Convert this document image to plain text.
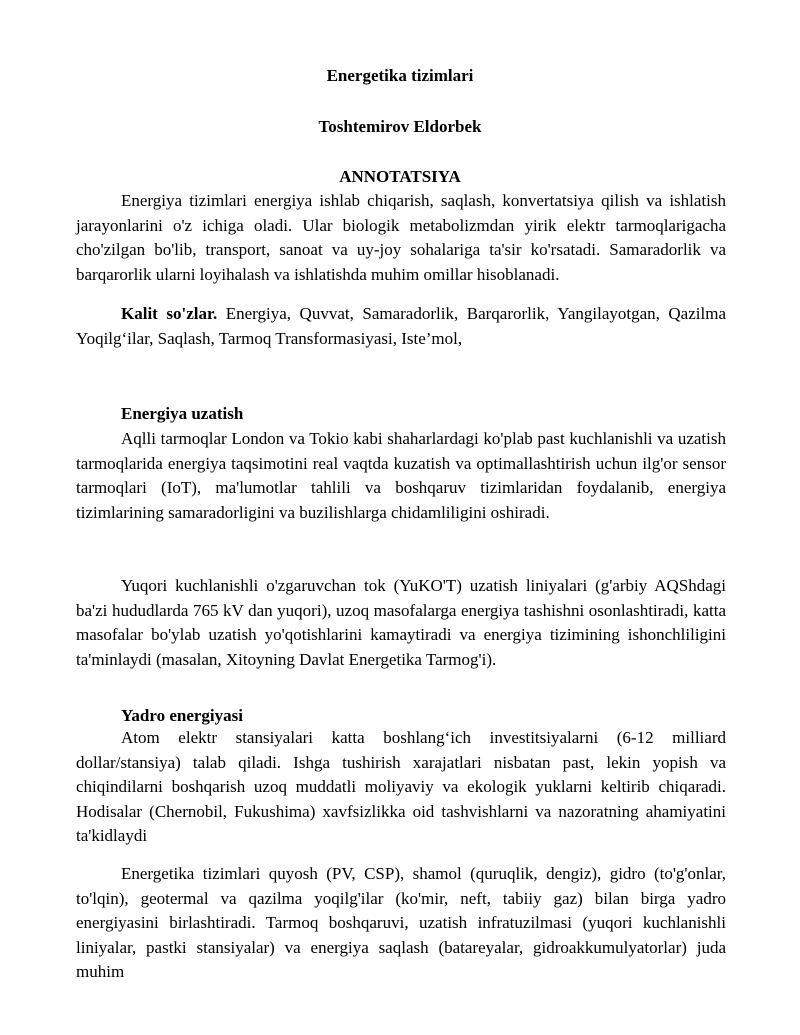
Energetika tizimlari

Toshtemirov Eldorbek

ANNOTATSIYA

Energiya tizimlari energiya ishlab chiqarish, saqlash, konvertatsiya qilish va ishlatish jarayonlarini o'z ichiga oladi. Ular biologik metabolizmdan yirik elektr tarmoqlarigacha cho'zilgan bo'lib, transport, sanoat va uy-joy sohalariga ta'sir ko'rsatadi. Samaradorlik va barqarorlik ularni loyihalash va ishlatishda muhim omillar hisoblanadi.

Kalit so'zlar. Energiya, Quvvat, Samaradorlik, Barqarorlik, Yangilayotgan, Qazilma Yoqilg‘ilar, Saqlash, Tarmoq Transformasiyasi, Iste’mol,

Energiya uzatish

Aqlli tarmoqlar London va Tokio kabi shaharlardagi ko'plab past kuchlanishli va uzatish tarmoqlarida energiya taqsimotini real vaqtda kuzatish va optimallashtirish uchun ilg'or sensor tarmoqlari (IoT), ma'lumotlar tahlili va boshqaruv tizimlaridan foydalanib, energiya tizimlarining samaradorligini va buzilishlarga chidamliligini oshiradi.

Yuqori kuchlanishli o'zgaruvchan tok (YuKO'T) uzatish liniyalari (g'arbiy AQShdagi ba'zi hududlarda 765 kV dan yuqori), uzoq masofalarga energiya tashishni osonlashtiradi, katta masofalar bo'ylab uzatish yo'qotishlarini kamaytiradi va energiya tizimining ishonchliligini ta'minlaydi (masalan, Xitoyning Davlat Energetika Tarmog'i).

Yadro energiyasi

Atom elektr stansiyalari katta boshlang‘ich investitsiyalarni (6-12 milliard dollar/stansiya) talab qiladi. Ishga tushirish xarajatlari nisbatan past, lekin yopish va chiqindilarni boshqarish uzoq muddatli moliyaviy va ekologik yuklarni keltirib chiqaradi. Hodisalar (Chernobil, Fukushima) xavfsizlikka oid tashvishlarni va nazoratning ahamiyatini ta'kidlaydi

Energetika tizimlari quyosh (PV, CSP), shamol (quruqlik, dengiz), gidro (to'g'onlar, to'lqin), geotermal va qazilma yoqilg'ilar (ko'mir, neft, tabiiy gaz) bilan birga yadro energiyasini birlashtiradi. Tarmoq boshqaruvi, uzatish infratuzilmasi (yuqori kuchlanishli liniyalar, pastki stansiyalar) va energiya saqlash (batareyalar, gidroakkumulyatorlar) juda muhim
